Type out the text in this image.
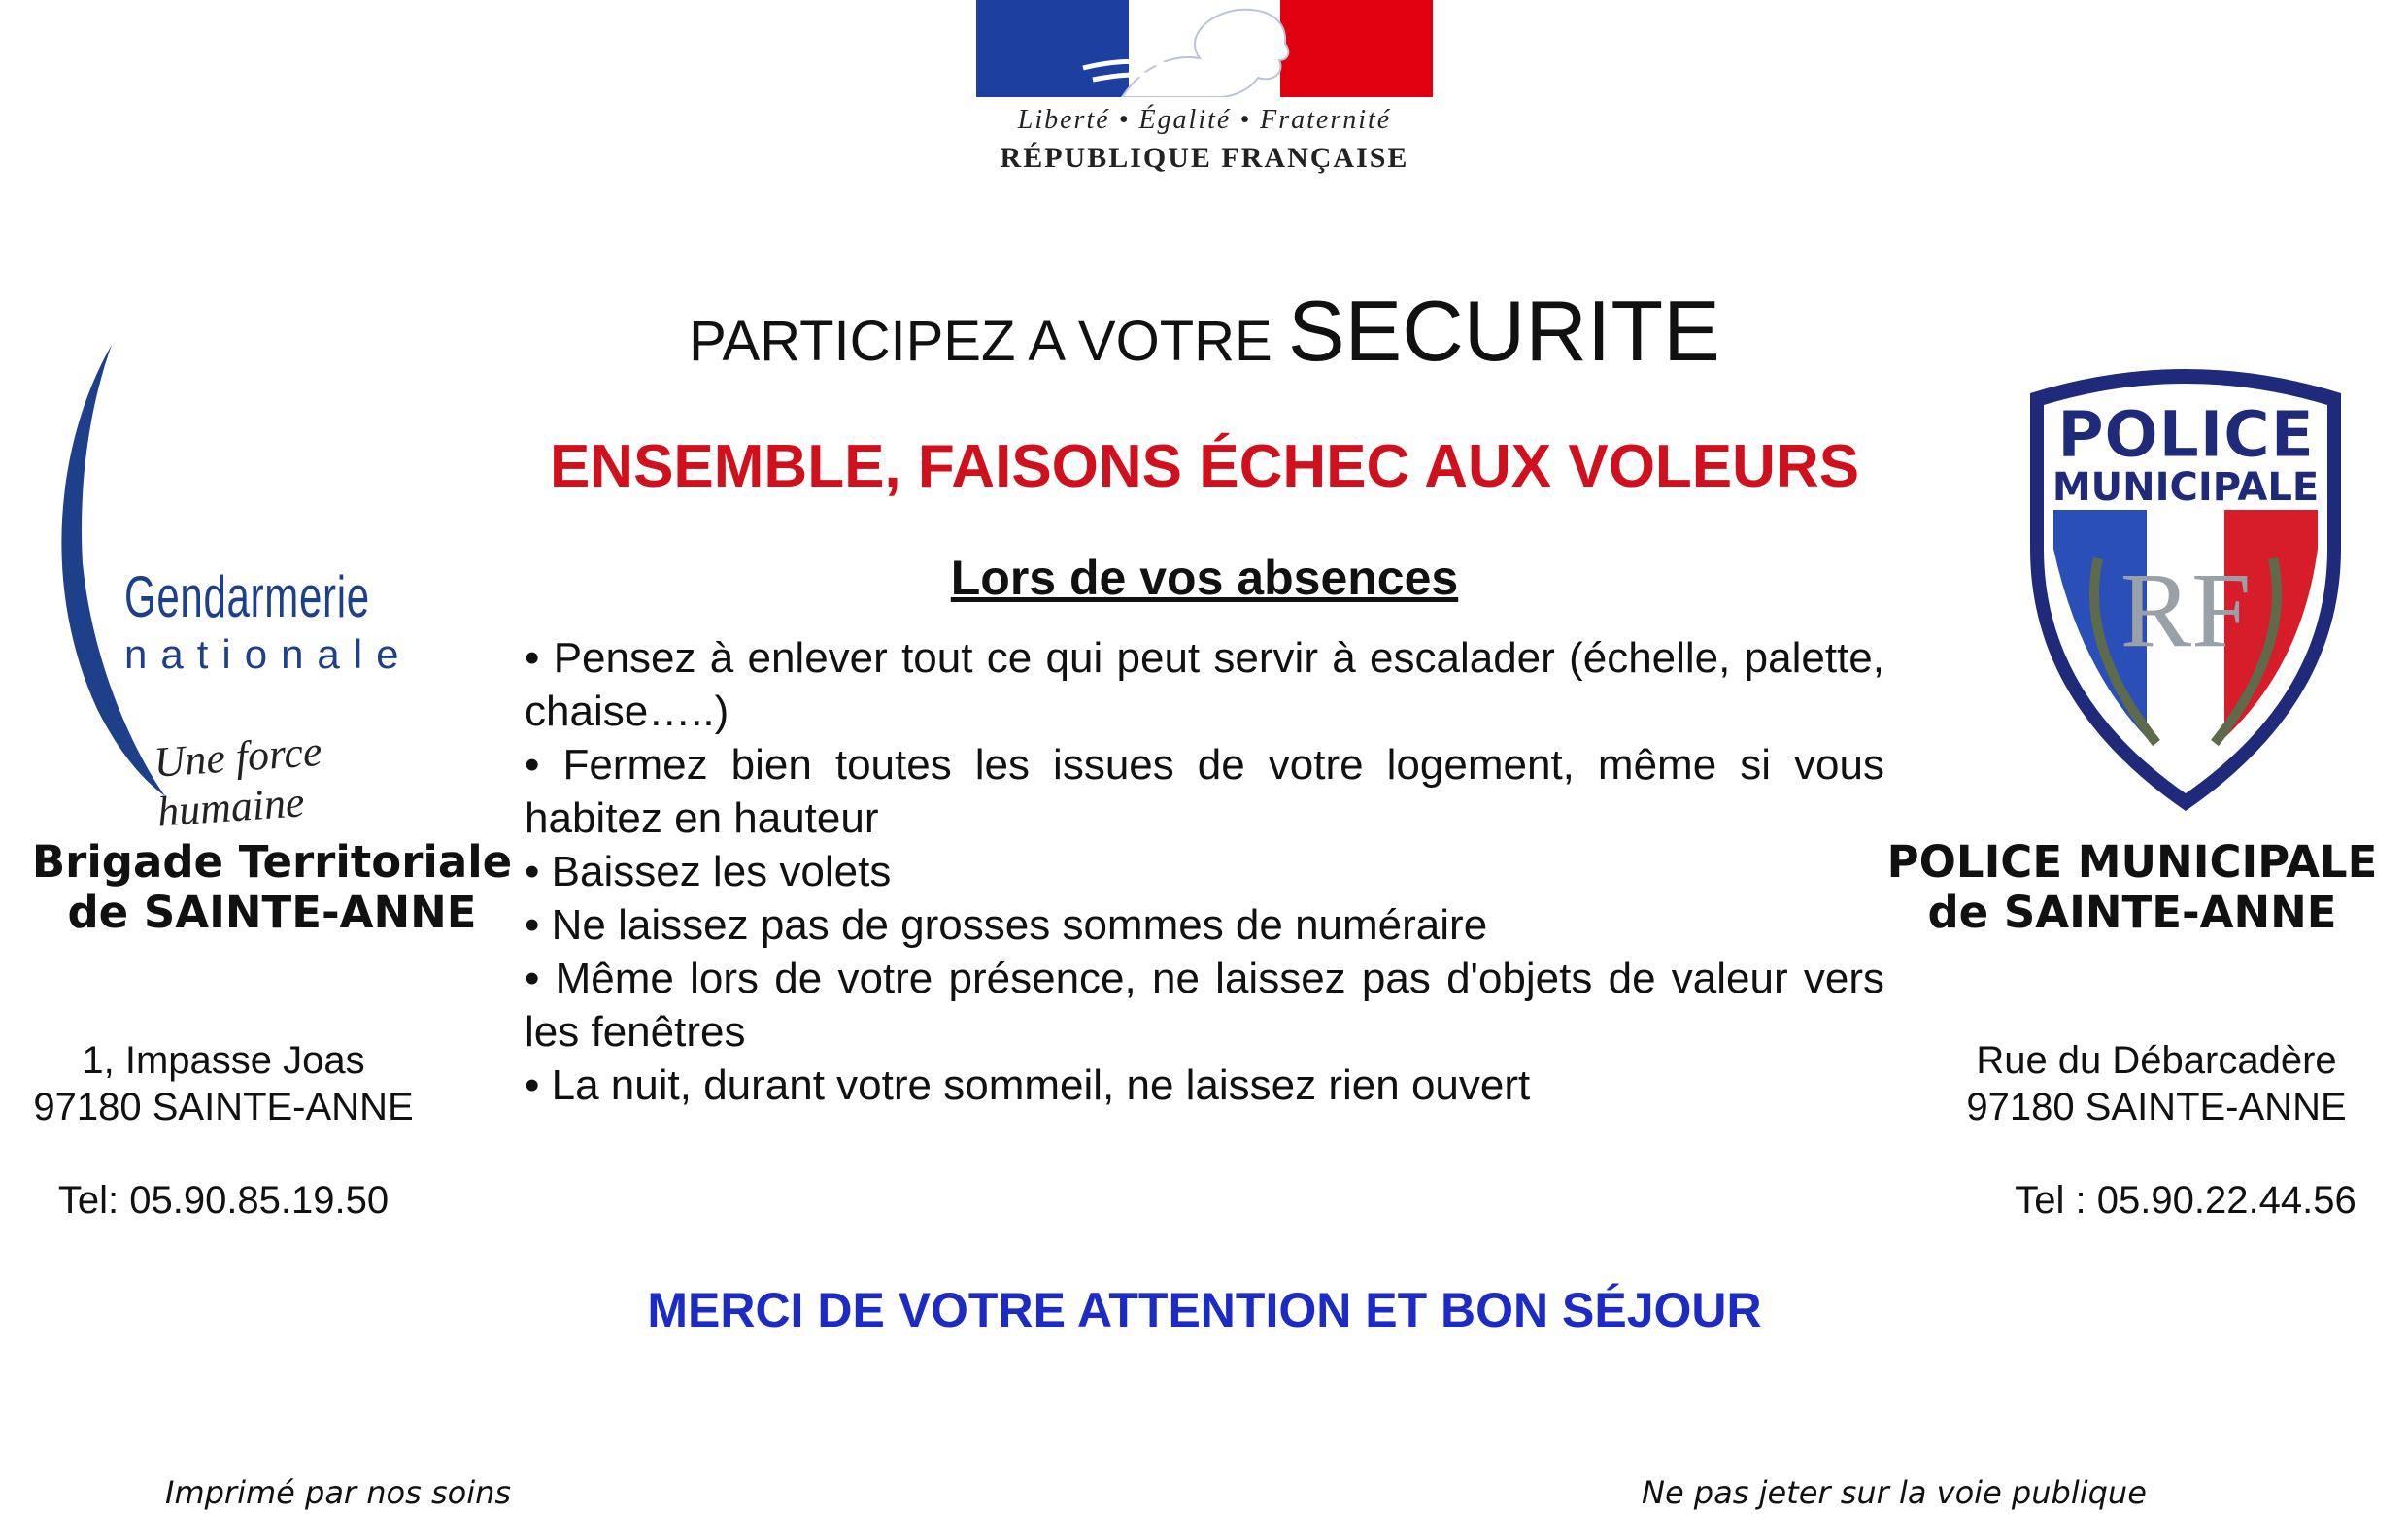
Liberté • Égalité • Fraternité
RÉPUBLIQUE FRANÇAISE
PARTICIPEZ A VOTRE SECURITE
ENSEMBLE, FAISONS ÉCHEC AUX VOLEURS
Lors de vos absences
• Pensez à enlever tout ce qui peut servir à escalader (échelle, palette, chaise…..)
• Fermez bien toutes les issues de votre logement, même si vous habitez en hauteur
• Baissez les volets
• Ne laissez pas de grosses sommes de numéraire
• Même lors de votre présence, ne laissez pas d'objets de valeur vers les fenêtres
• La nuit, durant votre sommeil, ne laissez rien ouvert
Gendarmerie
nationale
Une force humaine
Brigade Territoriale
de SAINTE-ANNE
1, Impasse Joas
97180 SAINTE-ANNE
Tel: 05.90.85.19.50
POLICE
MUNICIPALE
RF
POLICE MUNICIPALE
de SAINTE-ANNE
Rue du Débarcadère
97180 SAINTE-ANNE
Tel : 05.90.22.44.56
MERCI DE VOTRE ATTENTION ET BON SÉJOUR
Imprimé par nos soins	Ne pas jeter sur la voie publique
